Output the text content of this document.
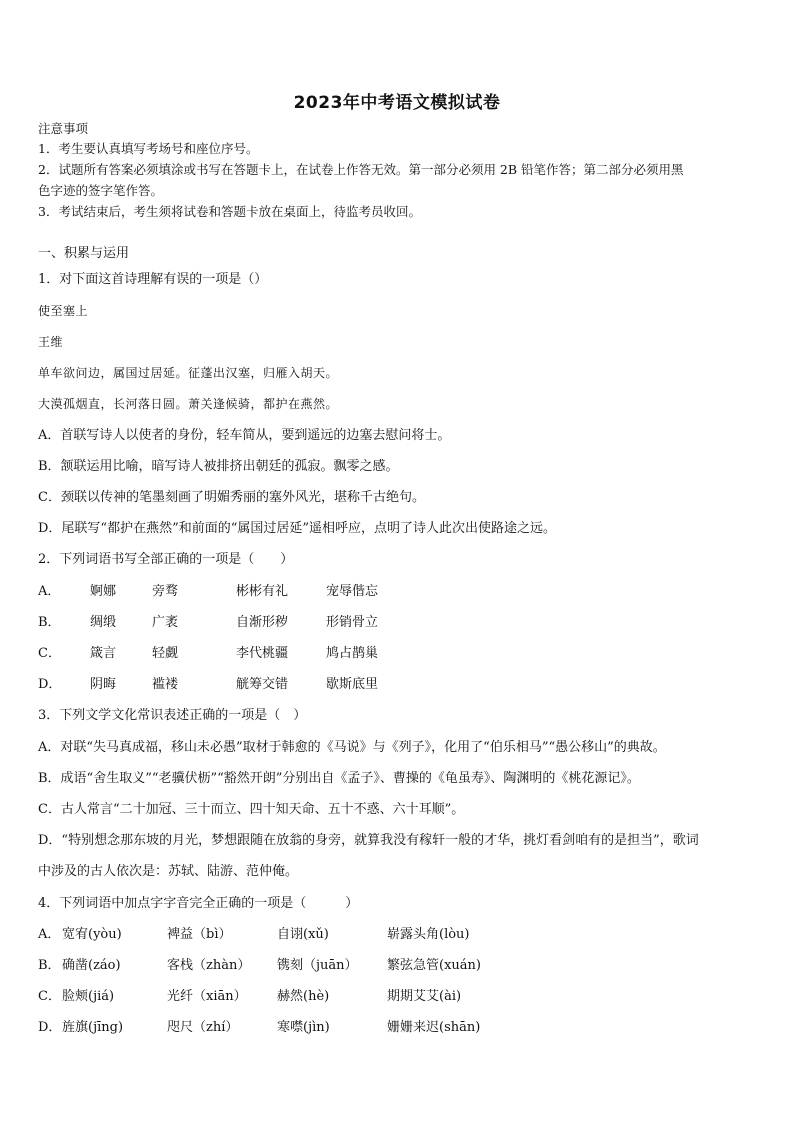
2023年中考语文模拟试卷
注意事项
1．考生要认真填写考场号和座位序号。
2．试题所有答案必须填涂或书写在答题卡上，在试卷上作答无效。第一部分必须用 2B 铅笔作答；第二部分必须用黑
色字迹的签字笔作答。
3．考试结束后，考生须将试卷和答题卡放在桌面上，待监考员收回。
一、积累与运用
1．对下面这首诗理解有误的一项是（）
使至塞上
王维
单车欲问边，属国过居延。征蓬出汉塞，归雁入胡天。
大漠孤烟直，长河落日圆。萧关逢候骑，都护在燕然。
A．首联写诗人以使者的身份，轻车简从，要到遥远的边塞去慰问将士。
B．颔联运用比喻，暗写诗人被排挤出朝廷的孤寂。飘零之感。
C．颈联以传神的笔墨刻画了明媚秀丽的塞外风光，堪称千古绝句。
D．尾联写“都护在燕然”和前面的“属国过居延”遥相呼应，点明了诗人此次出使路途之远。
2．下列词语书写全部正确的一项是（　　）
A． 婀娜	旁骛	彬彬有礼	宠辱偕忘
B． 绸缎	广袤	自渐形秽	形销骨立
C． 箴言	轻觑	李代桃疆	鸠占鹊巢
D． 阴晦	褴褛	觥筹交错	歇斯底里
3．下列文学文化常识表述正确的一项是（　）
A．对联“失马真成福，移山未必愚”取材于韩愈的《马说》与《列子》，化用了“伯乐相马”“愚公移山”的典故。
B．成语“舍生取义”“老骥伏枥”“豁然开朗”分别出自《孟子》、曹操的《龟虽寿》、陶渊明的《桃花源记》。
C．古人常言“二十加冠、三十而立、四十知天命、五十不惑、六十耳顺”。
D．“特别想念那东坡的月光，梦想跟随在放翁的身旁，就算我没有稼轩一般的才华，挑灯看剑咱有的是担当”，歌词
中涉及的古人依次是：苏轼、陆游、范仲俺。
4．下列词语中加点字字音完全正确的一项是（　　　）
A． 宽宥(yòu)	裨益（bì）	自诩(xǔ)	崭露头角(lòu)
B．确凿(záo)	客栈（zhàn） 镌刻（juān） 繁弦急管(xuán)
C．脸颊(jiá)	光纤（xiān） 赫然(hè)	期期艾艾(ài)
D．旌旗(jīng)	咫尺（zhí）	寒噤(jìn)	姗姗来迟(shān)
